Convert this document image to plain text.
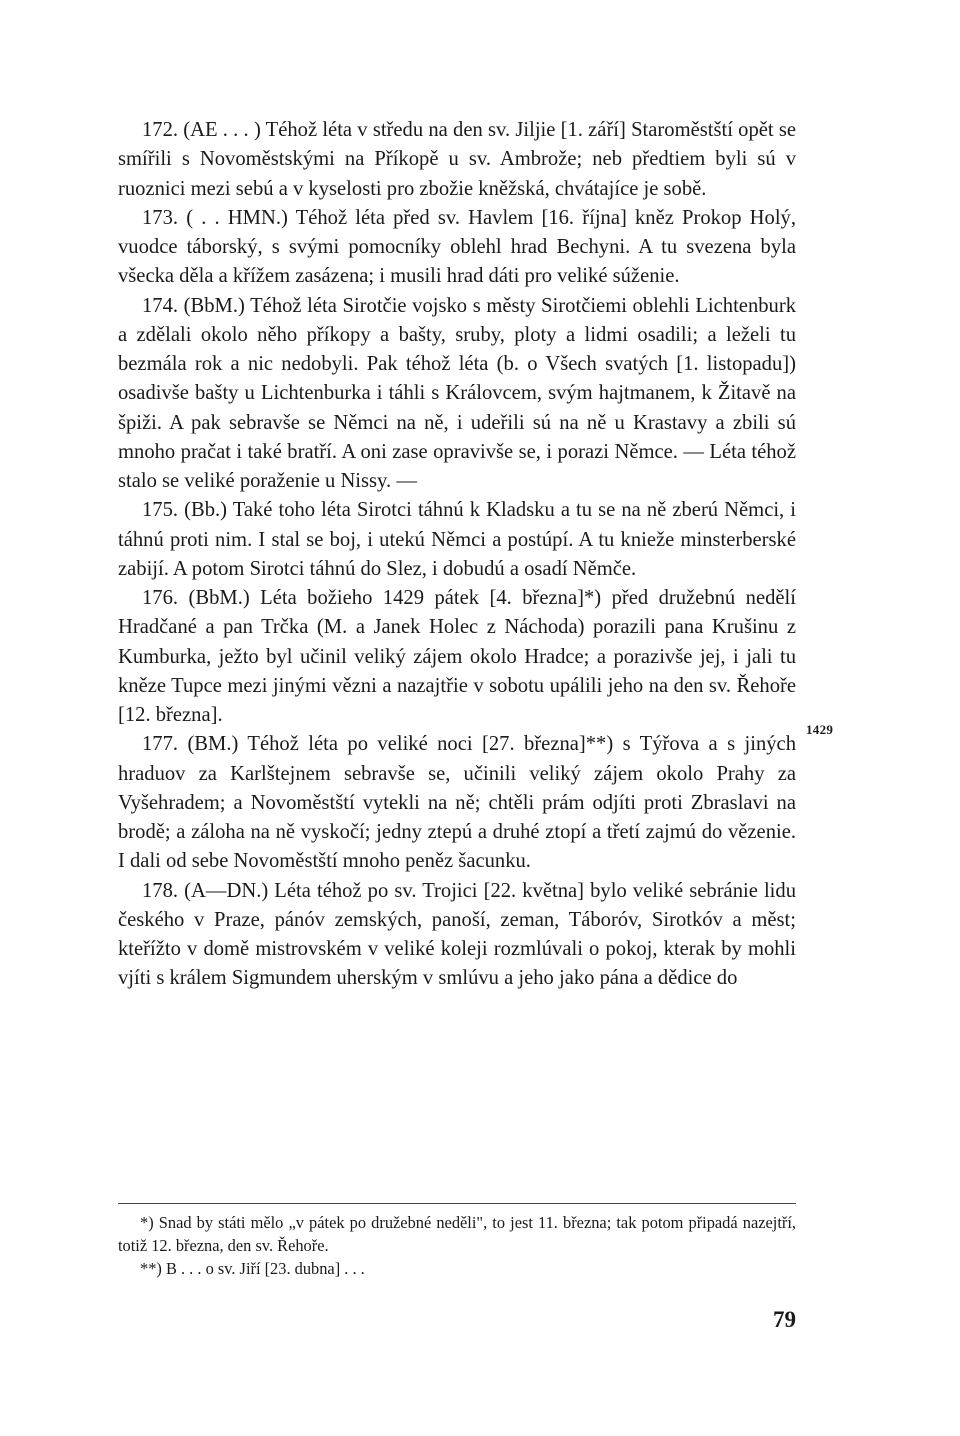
172. (AE . . . ) Téhož léta v středu na den sv. Jiljie [1. září] Staroměstští opět se smířili s Novoměstskými na Příkopě u sv. Ambrože; neb předtiem byli sú v ruoznici mezi sebú a v kyselosti pro zbožie kněžská, chvátajíce je sobě.

173. ( . . HMN.) Téhož léta před sv. Havlem [16. října] kněz Prokop Holý, vuodce táborský, s svými pomocníky oblehl hrad Bechyni. A tu svezena byla všecka děla a křížem zasázena; i musili hrad dáti pro veliké súženie.

174. (BbM.) Téhož léta Sirotčie vojsko s městy Sirotčiemi oblehli Lichtenburk a zdělali okolo něho příkopy a bašty, sruby, ploty a lidmi osadili; a leželi tu bezmála rok a nic nedobyli. Pak téhož léta (b. o Všech svatých [1. listopadu]) osadivše bašty u Lichtenburka i táhli s Královcem, svým hajtmanem, k Žitavě na špiži. A pak sebravše se Němci na ně, i udeřili sú na ně u Krastavy a zbili sú mnoho pračat i také bratří. A oni zase opravivše se, i porazi Němce. — Léta téhož stalo se veliké poraženie u Nissy. —

175. (Bb.) Také toho léta Sirotci táhnú k Kladsku a tu se na ně zberú Němci, i táhnú proti nim. I stal se boj, i utekú Němci a postúpí. A tu knieže minsterberské zabijí. A potom Sirotci táhnú do Slez, i dobudú a osadí Němče.

176. (BbM.) Léta božieho 1429 pátek [4. března]*) před družebnú nedělí Hradčané a pan Trčka (M. a Janek Holec z Náchoda) porazili pana Krušinu z Kumburka, ježto byl učinil veliký zájem okolo Hradce; a porazivše jej, i jali tu kněze Tupce mezi jinými vězni a nazajtřie v sobotu upálili jeho na den sv. Řehoře [12. března].

177. (BM.) Téhož léta po veliké noci [27. března]**) s Týřova a s jiných hraduov za Karlštejnem sebravše se, učinili veliký zájem okolo Prahy za Vyšehradem; a Novoměstští vytekli na ně; chtěli prám odjíti proti Zbraslavi na brodě; a záloha na ně vyskočí; jedny ztepú a druhé ztopí a třetí zajmú do vězenie. I dali od sebe Novoměstští mnoho peněz šacunku.

178. (A—DN.) Léta téhož po sv. Trojici [22. května] bylo veliké sebránie lidu českého v Praze, pánóv zemských, panoší, zeman, Táboróv, Sirotkóv a měst; kteřížto v domě mistrovském v veliké koleji rozmlúvali o pokoj, kterak by mohli vjíti s králem Sigmundem uherským v smlúvu a jeho jako pána a dědice do

1429

*) Snad by státi mělo „v pátek po družebné neděli", to jest 11. března; tak potom připadá nazejtří, totiž 12. března, den sv. Řehoře.

**) B . . . o sv. Jiří [23. dubna] . . .

79
